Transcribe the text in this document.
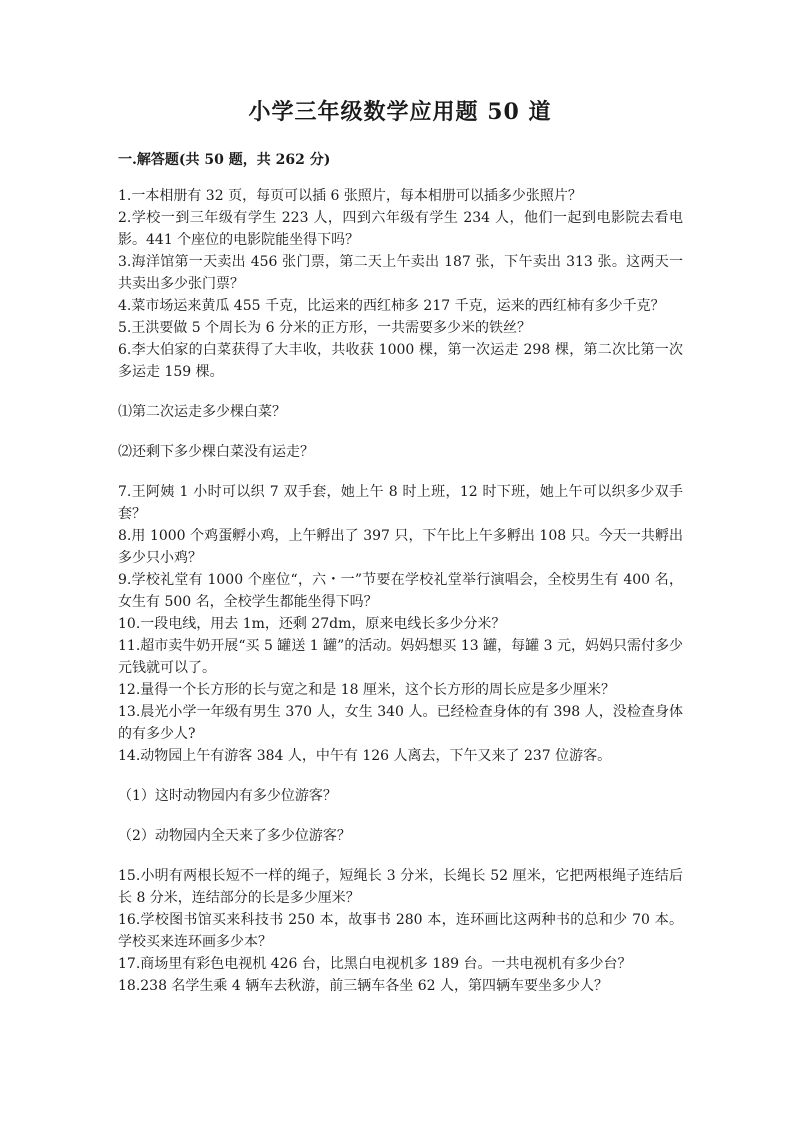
小学三年级数学应用题 50 道
一.解答题(共 50 题，共 262 分)

1.一本相册有 32 页，每页可以插 6 张照片，每本相册可以插多少张照片？

2.学校一到三年级有学生 223 人，四到六年级有学生 234 人，他们一起到电影院去看电影。441 个座位的电影院能坐得下吗？

3.海洋馆第一天卖出 456 张门票，第二天上午卖出 187 张，下午卖出 313 张。这两天一共卖出多少张门票？

4.菜市场运来黄瓜 455 千克，比运来的西红柿多 217 千克，运来的西红柿有多少千克？

5.王洪要做 5 个周长为 6 分米的正方形，一共需要多少米的铁丝？

6.李大伯家的白菜获得了大丰收，共收获 1000 棵，第一次运走 298 棵，第二次比第一次多运走 159 棵。

⑴第二次运走多少棵白菜？

⑵还剩下多少棵白菜没有运走？

7.王阿姨 1 小时可以织 7 双手套，她上午 8 时上班，12 时下班，她上午可以织多少双手套？

8.用 1000 个鸡蛋孵小鸡，上午孵出了 397 只，下午比上午多孵出 108 只。今天一共孵出多少只小鸡？

9.学校礼堂有 1000 个座位“，六・一”节要在学校礼堂举行演唱会，全校男生有 400 名，女生有 500 名，全校学生都能坐得下吗？

10.一段电线，用去 1m，还剩 27dm，原来电线长多少分米？

11.超市卖牛奶开展“买 5 罐送 1 罐”的活动。妈妈想买 13 罐，每罐 3 元，妈妈只需付多少元钱就可以了。

12.量得一个长方形的长与宽之和是 18 厘米，这个长方形的周长应是多少厘米？

13.晨光小学一年级有男生 370 人，女生 340 人。已经检查身体的有 398 人，没检查身体的有多少人?

14.动物园上午有游客 384 人，中午有 126 人离去，下午又来了 237 位游客。

（1）这时动物园内有多少位游客？

（2）动物园内全天来了多少位游客？

15.小明有两根长短不一样的绳子，短绳长 3 分米，长绳长 52 厘米，它把两根绳子连结后长 8 分米，连结部分的长是多少厘米？

16.学校图书馆买来科技书 250 本，故事书 280 本，连环画比这两种书的总和少 70 本。学校买来连环画多少本？

17.商场里有彩色电视机 426 台，比黑白电视机多 189 台。一共电视机有多少台？

18.238 名学生乘 4 辆车去秋游，前三辆车各坐 62 人，第四辆车要坐多少人？
